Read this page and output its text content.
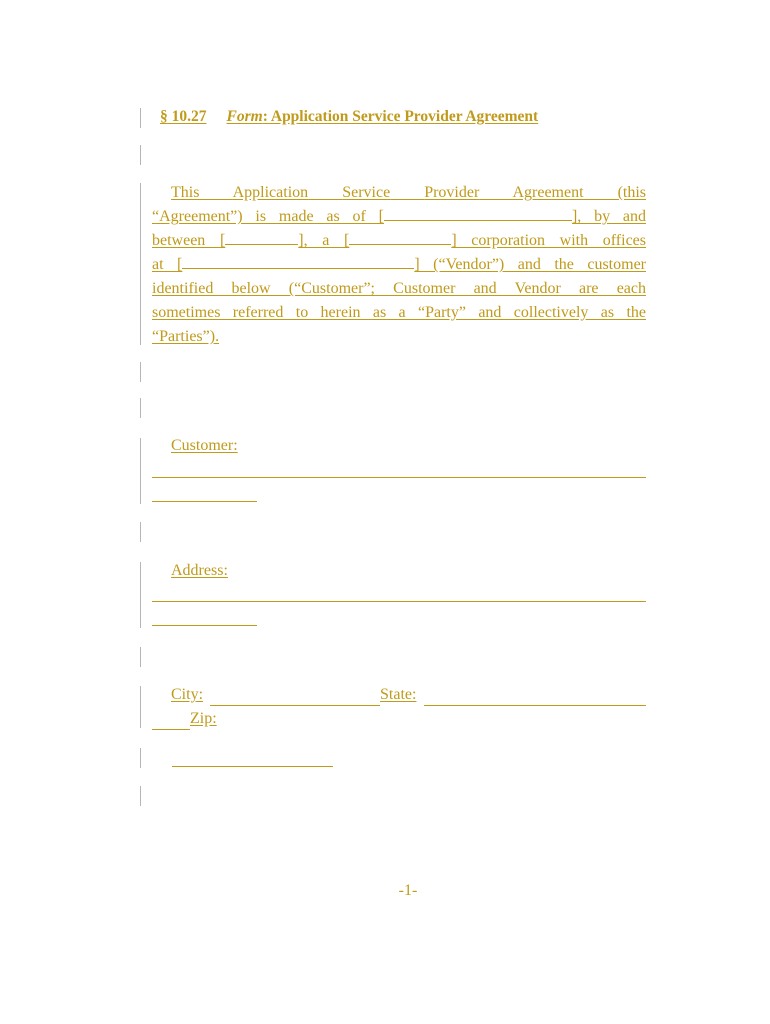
§ 10.27 Form: Application Service Provider Agreement
This Application Service Provider Agreement (this
“Agreement”) is made as of [	], by and
between [	], a [	] corporation with offices
at [	] (“Vendor”) and the customer
identified below (“Customer”; Customer and Vendor are each
sometimes referred to herein as a “Party” and collectively as the
“Parties”).
Customer:
Address:
City:	State:
Zip:
-1-
